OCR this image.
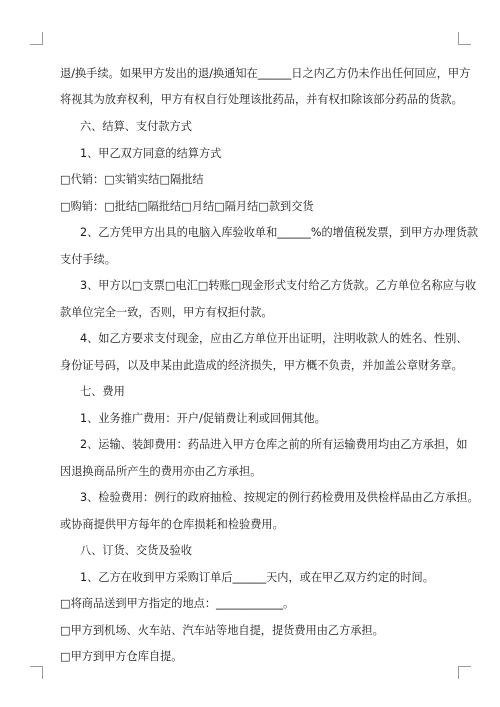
退/换手续。如果甲方发出的退/换通知在______日之内乙方仍未作出任何回应，甲方
将视其为放弃权利，甲方有权自行处理该批药品，并有权扣除该部分药品的货款。
六、结算、支付款方式
1、甲乙双方同意的结算方式
□代销：□实销实结□隔批结
□购销：□批结□隔批结□月结□隔月结□款到交货
2、乙方凭甲方出具的电脑入库验收单和______%的增值税发票，到甲方办理货款
支付手续。
3、甲方以□支票□电汇□转账□现金形式支付给乙方货款。乙方单位名称应与收
款单位完全一致，否则，甲方有权拒付款。
4、如乙方要求支付现金，应由乙方单位开出证明，注明收款人的姓名、性别、
身份证号码，以及申某由此造成的经济损失，甲方概不负责，并加盖公章财务章。
七、费用
1、业务推广费用：开户/促销费让利或回佣其他。
2、运输、装卸费用：药品进入甲方仓库之前的所有运输费用均由乙方承担，如
因退换商品所产生的费用亦由乙方承担。
3、检验费用：例行的政府抽检、按规定的例行药检费用及供检样品由乙方承担。
或协商提供甲方每年的仓库损耗和检验费用。
八、订货、交货及验收
1、乙方在收到甲方采购订单后______天内，或在甲乙双方约定的时间。
□将商品送到甲方指定的地点：____________。
□甲方到机场、火车站、汽车站等地自提，提货费用由乙方承担。
□甲方到甲方仓库自提。
